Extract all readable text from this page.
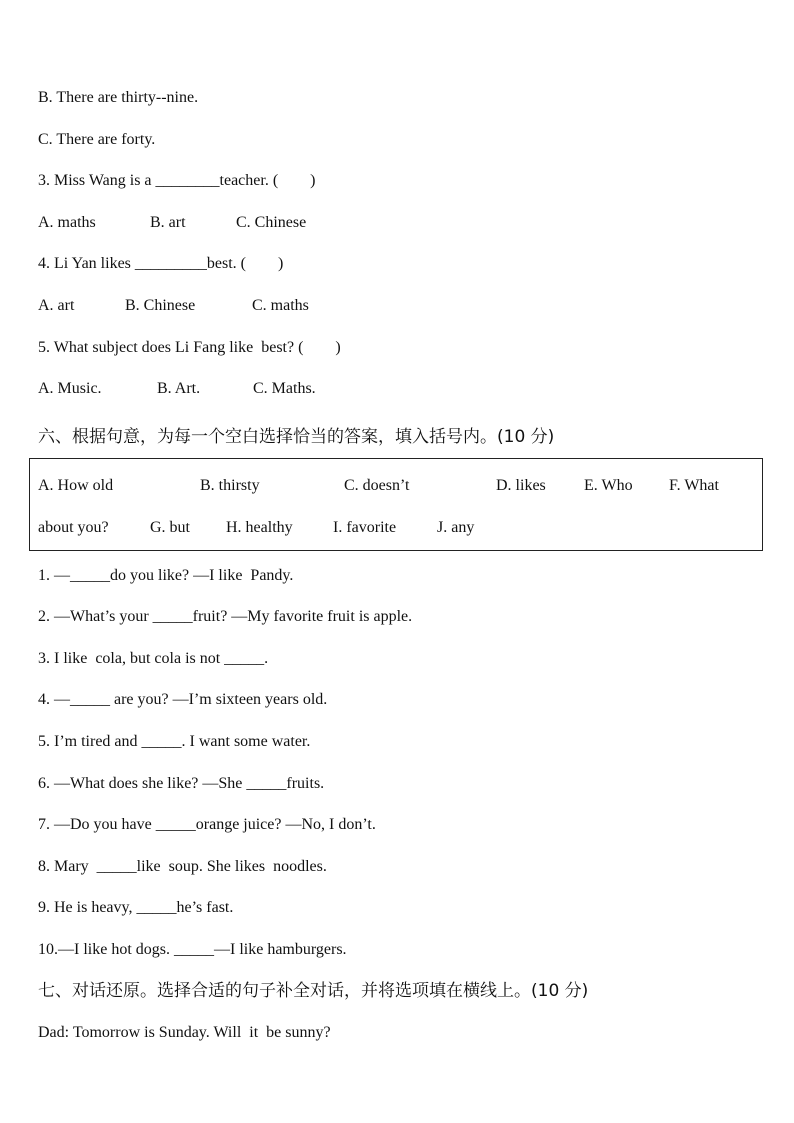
B. There are thirty--nine.
C. There are forty.
3. Miss Wang is a ________teacher. (        )
A. maths	B. art	C. Chinese
4. Li Yan likes _________best. (        )
A. art	B. Chinese	C. maths
5. What subject does Li Fang like  best? (        )
A. Music.	B. Art.	C. Maths.
六、根据句意，为每一个空白选择恰当的答案，填入括号内。(10 分)
A. How old	B. thirsty	C. doesn’t	D. likes E. Who F. What
about you?	G. but H. healthy	I. favorite	J. any
1. —_____do you like? —I like  Pandy.
2. —What’s your _____fruit? —My favorite fruit is apple.
3. I like  cola, but cola is not _____.
4. —_____ are you? —I’m sixteen years old.
5. I’m tired and _____. I want some water.
6. —What does she like? —She _____fruits.
7. —Do you have _____orange juice? —No, I don’t.
8. Mary  _____like  soup. She likes  noodles.
9. He is heavy, _____he’s fast.
10.—I like hot dogs. _____—I like hamburgers.
七、对话还原。选择合适的句子补全对话，并将选项填在横线上。(10 分)
Dad: Tomorrow is Sunday. Will  it  be sunny?
